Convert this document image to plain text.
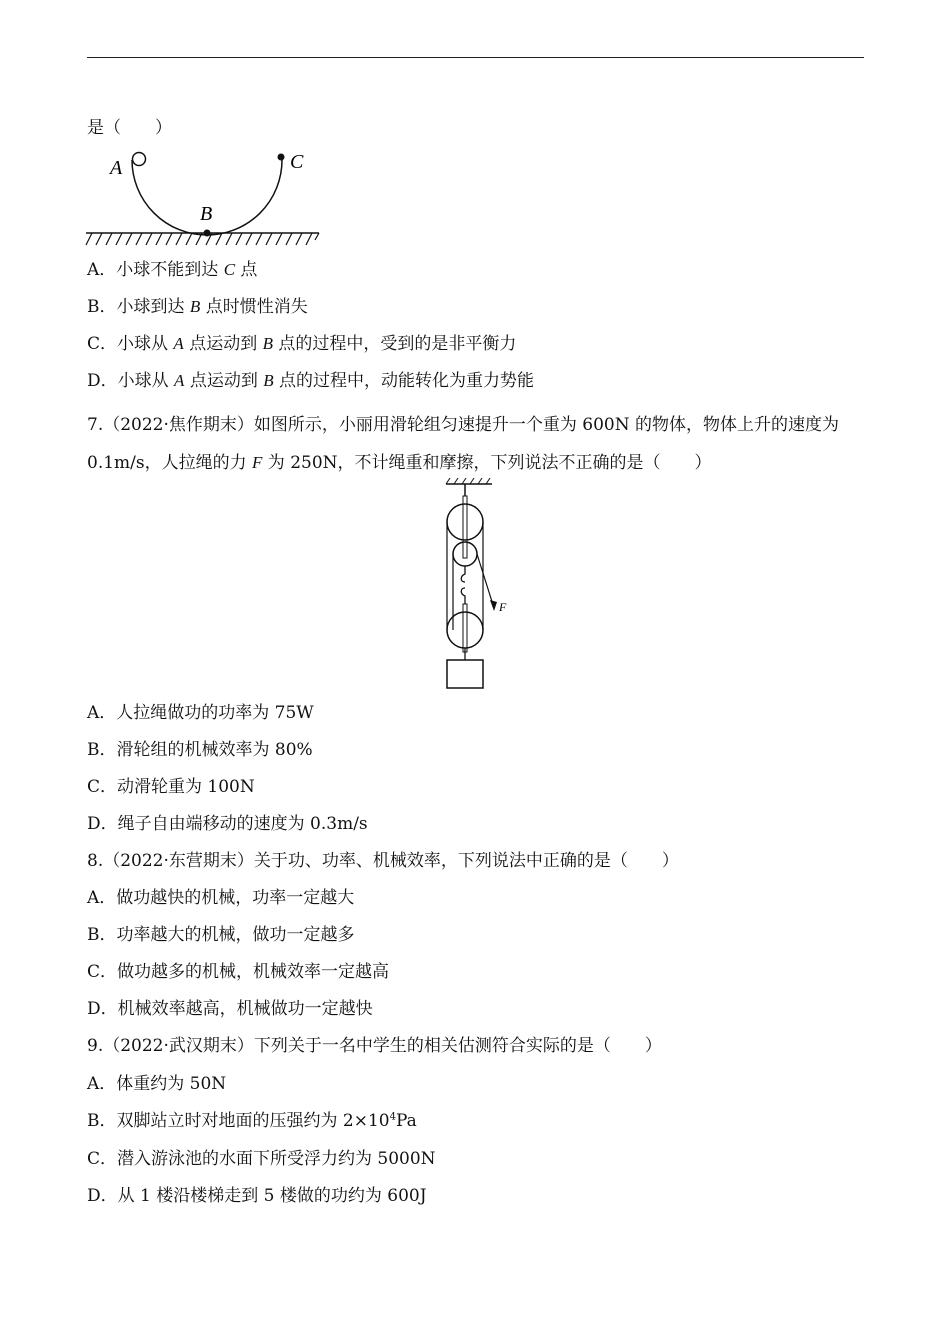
是（　　）
A
B
C
A．小球不能到达 C 点
B．小球到达 B 点时惯性消失
C．小球从 A 点运动到 B 点的过程中，受到的是非平衡力
D．小球从 A 点运动到 B 点的过程中，动能转化为重力势能
7.（2022·焦作期末）如图所示，小丽用滑轮组匀速提升一个重为 600N 的物体，物体上升的速度为 0.1m/s，人拉绳的力 F 为 250N，不计绳重和摩擦，下列说法不正确的是（　　）
F
A．人拉绳做功的功率为 75W
B．滑轮组的机械效率为 80%
C．动滑轮重为 100N
D．绳子自由端移动的速度为 0.3m/s
8.（2022·东营期末）关于功、功率、机械效率，下列说法中正确的是（　　）
A．做功越快的机械，功率一定越大
B．功率越大的机械，做功一定越多
C．做功越多的机械，机械效率一定越高
D．机械效率越高，机械做功一定越快
9.（2022·武汉期末）下列关于一名中学生的相关估测符合实际的是（　　）
A．体重约为 50N
B．双脚站立时对地面的压强约为 $2\times 10^4Pa$
C．潜入游泳池的水面下所受浮力约为 5000N
D．从 1 楼沿楼梯走到 5 楼做的功约为 600J
